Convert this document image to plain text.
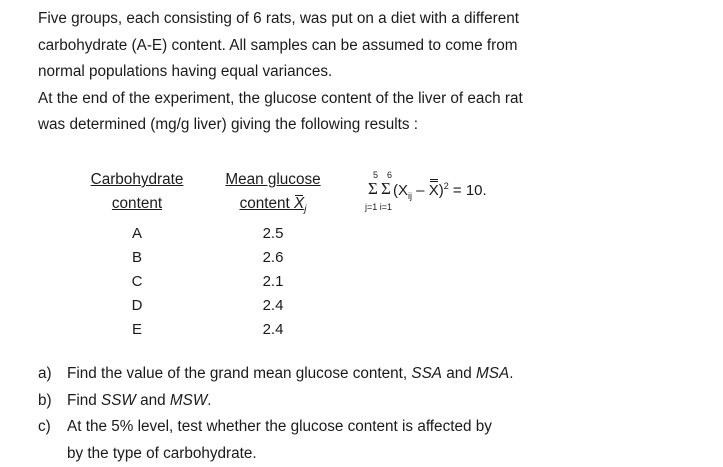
Five groups, each consisting of 6 rats, was put on a diet with a different
carbohydrate (A-E) content. All samples can be assumed to come from
normal populations having equal variances.
At the end of the experiment, the glucose content of the liver of each rat
was determined (mg/g liver) giving the following results :
Carbohydrate
content
Mean glucose
content $X_j$
A
B
C
D
E
2.5
2.6
2.1
2.4
2.4
5 6
Σ Σ
j=1 i=1
$(X_{ij} - X)^2 = 10$.
a) Find the value of the grand mean glucose content, SSA and MSA.
b) Find SSW and MSW.
c) At the 5% level, test whether the glucose content is affected by
by the type of carbohydrate.
